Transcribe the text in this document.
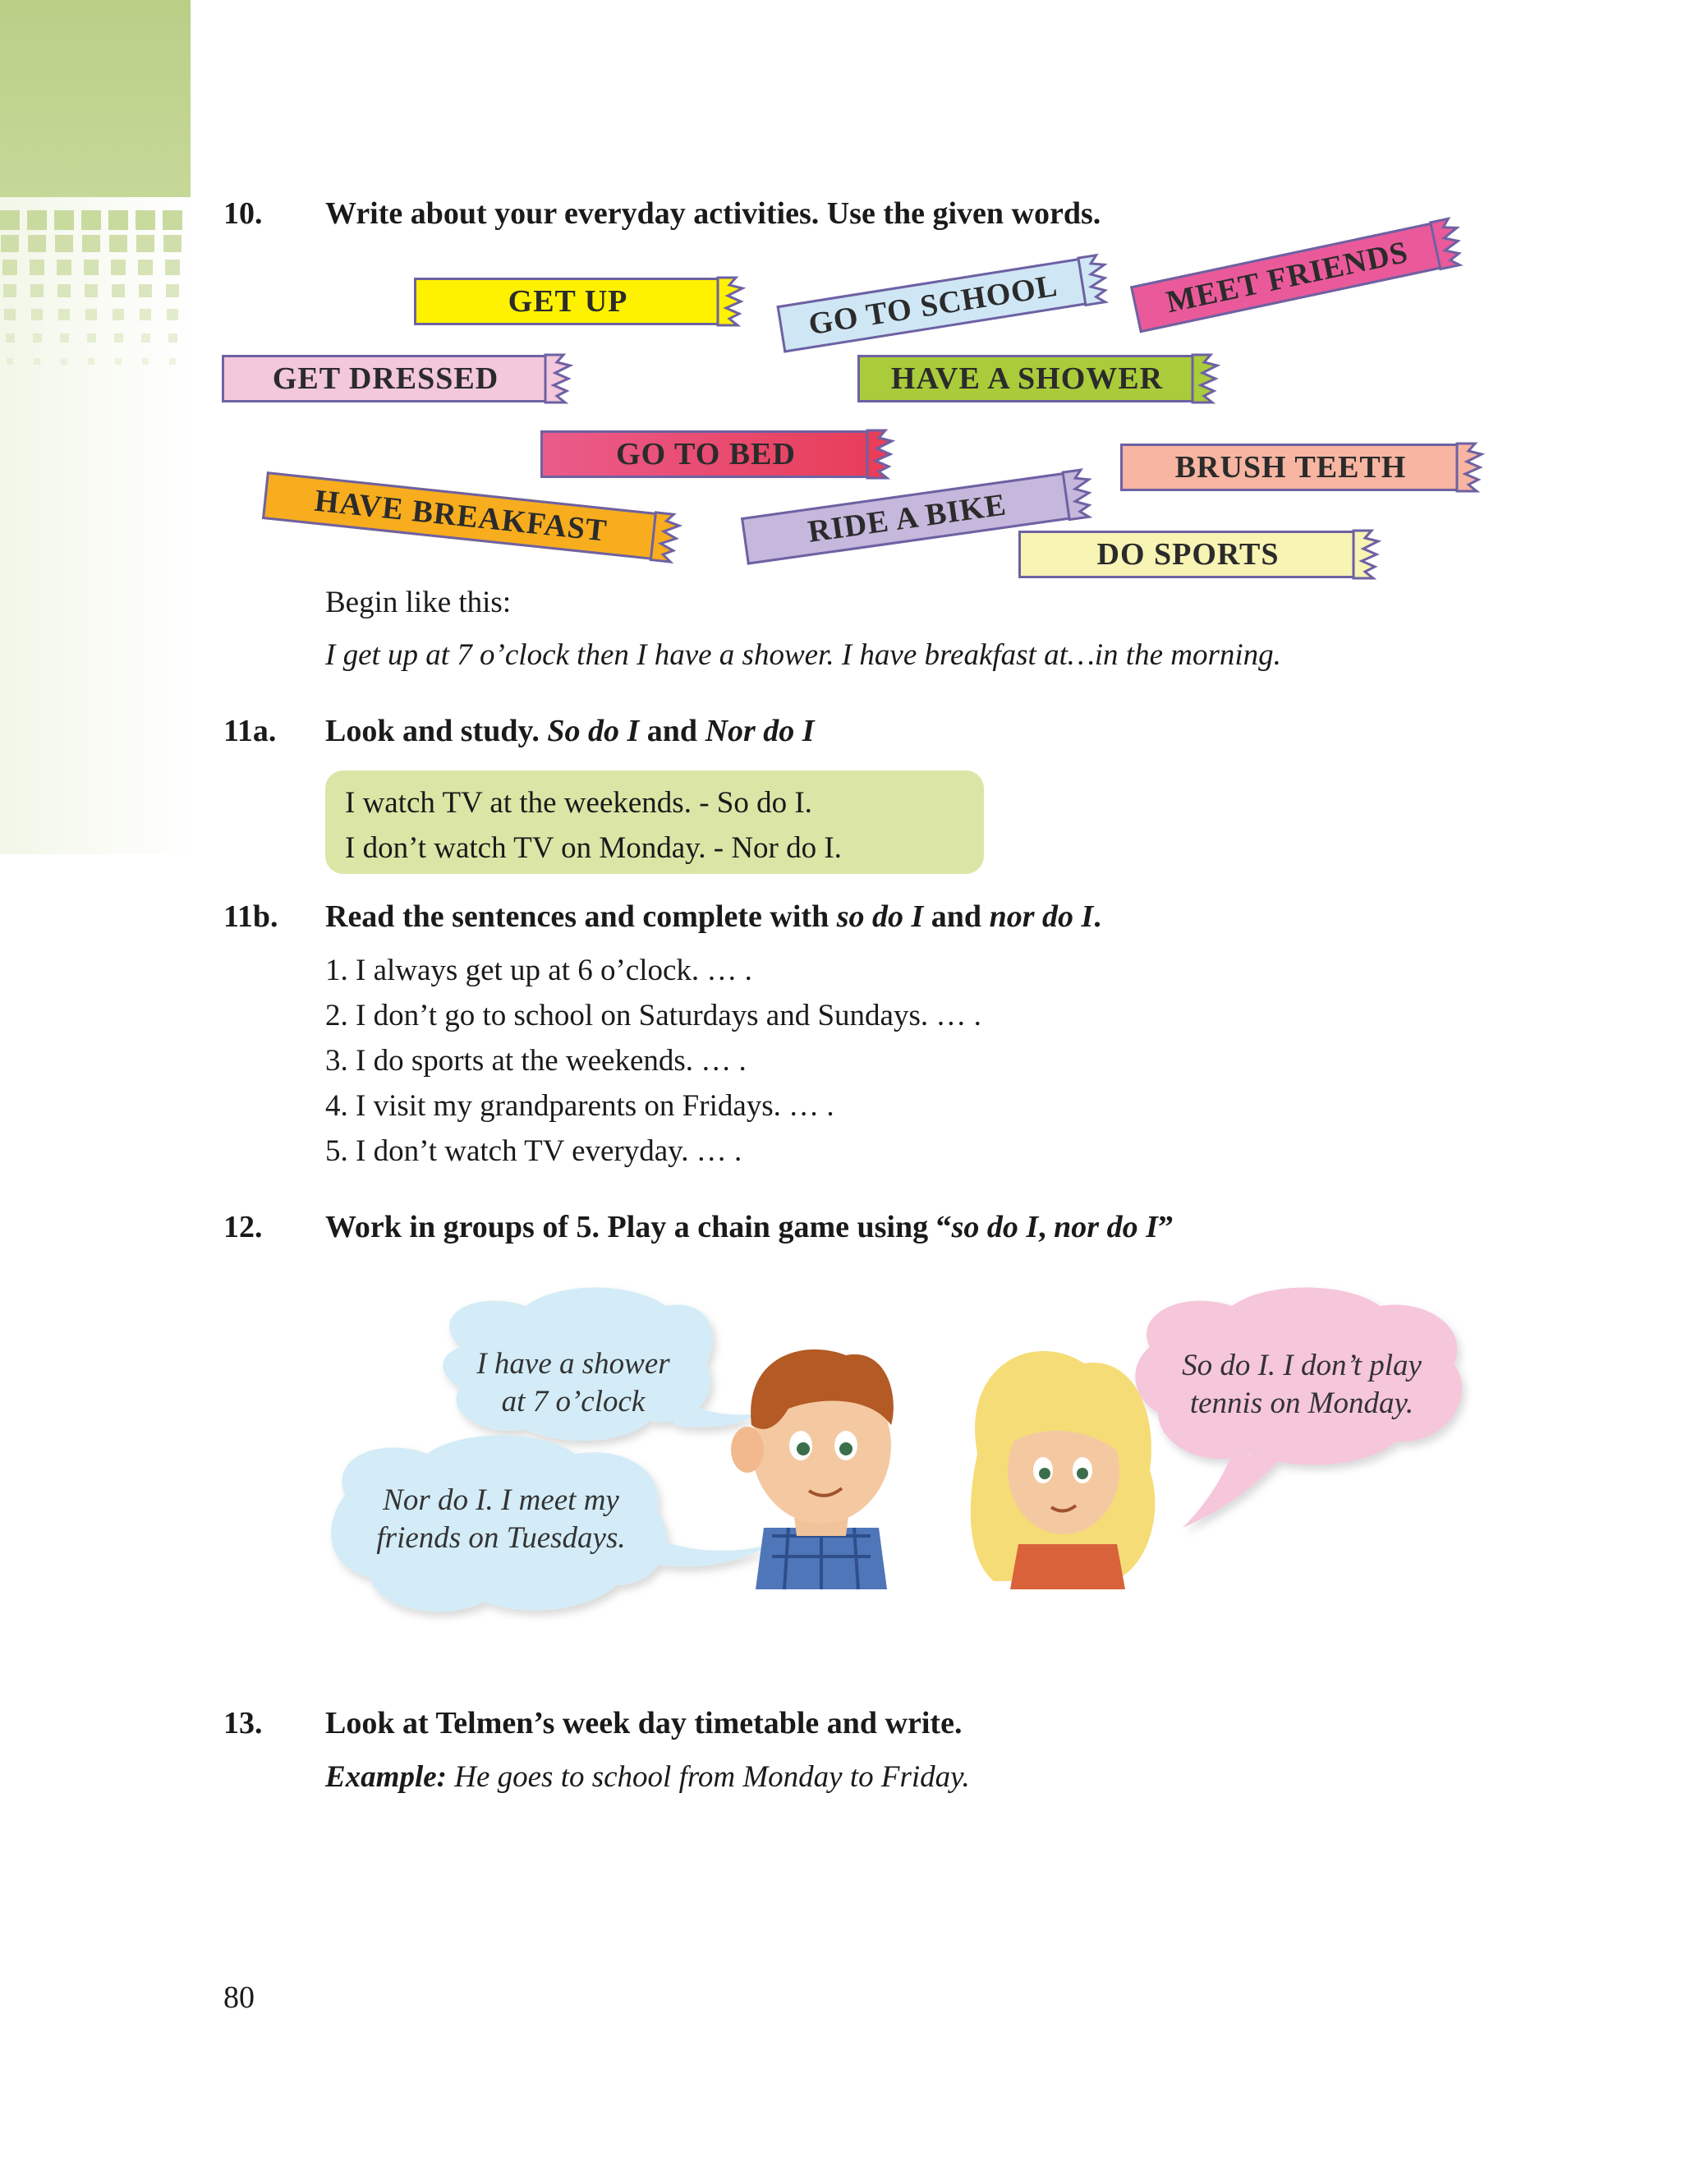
10. Write about your everyday activities. Use the given words.
GET UP	GO TO SCHOOL	MEET FRIENDS
GET DRESSED	HAVE A SHOWER
GO TO BED	BRUSH TEETH
HAVE BREAKFAST	RIDE A BIKE
DO SPORTS
Begin like this:
I get up at 7 o’clock then I have a shower. I have breakfast at…in the morning.
11a. Look and study. So do I and Nor do I
I watch TV at the weekends. - So do I.
I don’t watch TV on Monday. - Nor do I.
11b. Read the sentences and complete with so do I and nor do I.
1. I always get up at 6 o’clock. … .
2. I don’t go to school on Saturdays and Sundays. … .
3. I do sports at the weekends. … .
4. I visit my grandparents on Fridays. … .
5. I don’t watch TV everyday. … .
12. Work in groups of 5. Play a chain game using “so do I, nor do I”
I have a shower
at 7 o’clock
Nor do I. I meet my
friends on Tuesdays.
So do I. I don’t play
tennis on Monday.
13. Look at Telmen’s week day timetable and write.
Example: He goes to school from Monday to Friday.
80
